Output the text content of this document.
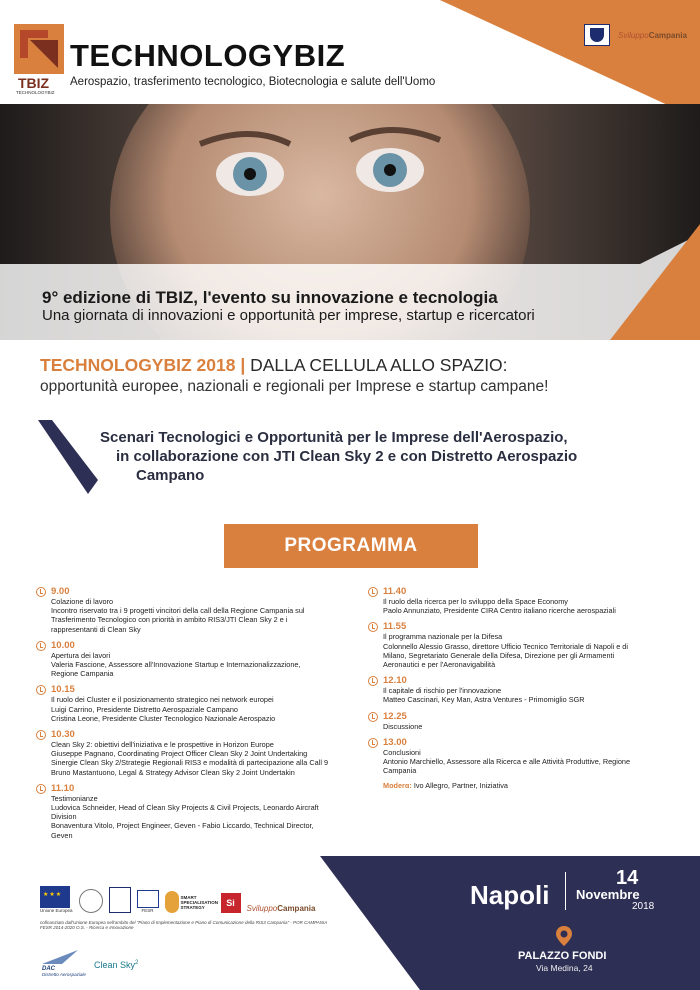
TBIZ
TECHNOLOGYBIZ
TECHNOLOGYBIZ
Aerospazio, trasferimento tecnologico, Biotecnologia e salute dell'Uomo
SviluppoCampania
9° edizione di TBIZ, l'evento su innovazione e tecnologia
Una giornata di innovazioni e opportunità per imprese, startup e ricercatori
TECHNOLOGYBIZ 2018 | DALLA CELLULA ALLO SPAZIO:
opportunità europee, nazionali e regionali per Imprese e startup campane!
Scenari Tecnologici e Opportunità per le Imprese dell'Aerospazio,
in collaborazione con JTI Clean Sky 2 e con Distretto Aerospazio
Campano
PROGRAMMA
9.00
Colazione di lavoro
Incontro riservato tra i 9 progetti vincitori della call della Regione Campania sul
Trasferimento Tecnologico con priorità in ambito RIS3/JTI Clean Sky 2 e i
rappresentanti di Clean Sky
10.00
Apertura dei lavori
Valeria Fascione, Assessore all'Innovazione Startup e Internazionalizzazione,
Regione Campania
10.15
Il ruolo dei Cluster e il posizionamento strategico nei network europei
Luigi Carrino, Presidente Distretto Aerospaziale Campano
Cristina Leone, Presidente Cluster Tecnologico Nazionale Aerospazio
10.30
Clean Sky 2: obiettivi dell'iniziativa e le prospettive in Horizon Europe
Giuseppe Pagnano, Coordinating Project Officer Clean Sky 2 Joint Undertaking
Sinergie Clean Sky 2/Strategie Regionali RIS3 e modalità di partecipazione alla Call 9
Bruno Mastantuono, Legal & Strategy Advisor Clean Sky 2 Joint Undertakin
11.10
Testimonianze
Ludovica Schneider, Head of Clean Sky Projects & Civil Projects, Leonardo Aircraft
Division
Bonaventura Vitolo, Project Engineer, Geven - Fabio Liccardo, Technical Director,
Geven
11.40
Il ruolo della ricerca per lo sviluppo della Space Economy
Paolo Annunziato, Presidente CIRA Centro italiano ricerche aerospaziali
11.55
Il programma nazionale per la Difesa
Colonnello Alessio Grasso, direttore Ufficio Tecnico Territoriale di Napoli e di
Milano, Segretariato Generale della Difesa, Direzione per gli Armamenti
Aeronautici e per l'Aeronavigabilità
12.10
Il capitale di rischio per l'innovazione
Matteo Cascinari, Key Man, Astra Ventures - Primomiglio SGR
12.25
Discussione
13.00
Conclusioni
Antonio Marchiello, Assessore alla Ricerca e alle Attività Produttive, Regione
Campania
Moderα: Ivo Allegro, Partner, Iniziativa
★★★
Unione Europea	FESR
SMART SPECIALISATION STRATEGY	Si
SviluppoCampania
cofinanziato dall'Unione Europea nell'ambito del "Piano di Implementazione e Piano di Comunicazione della RIS3 Campania" - POR CAMPANIA FESR 2014-2020 O.S. - Ricerca e Innovazione
DAC
Distretto Aerospaziale
Clean Sky$^2$
Napoli
14
Novembre
2018
PALAZZO FONDI
Via Medina, 24
